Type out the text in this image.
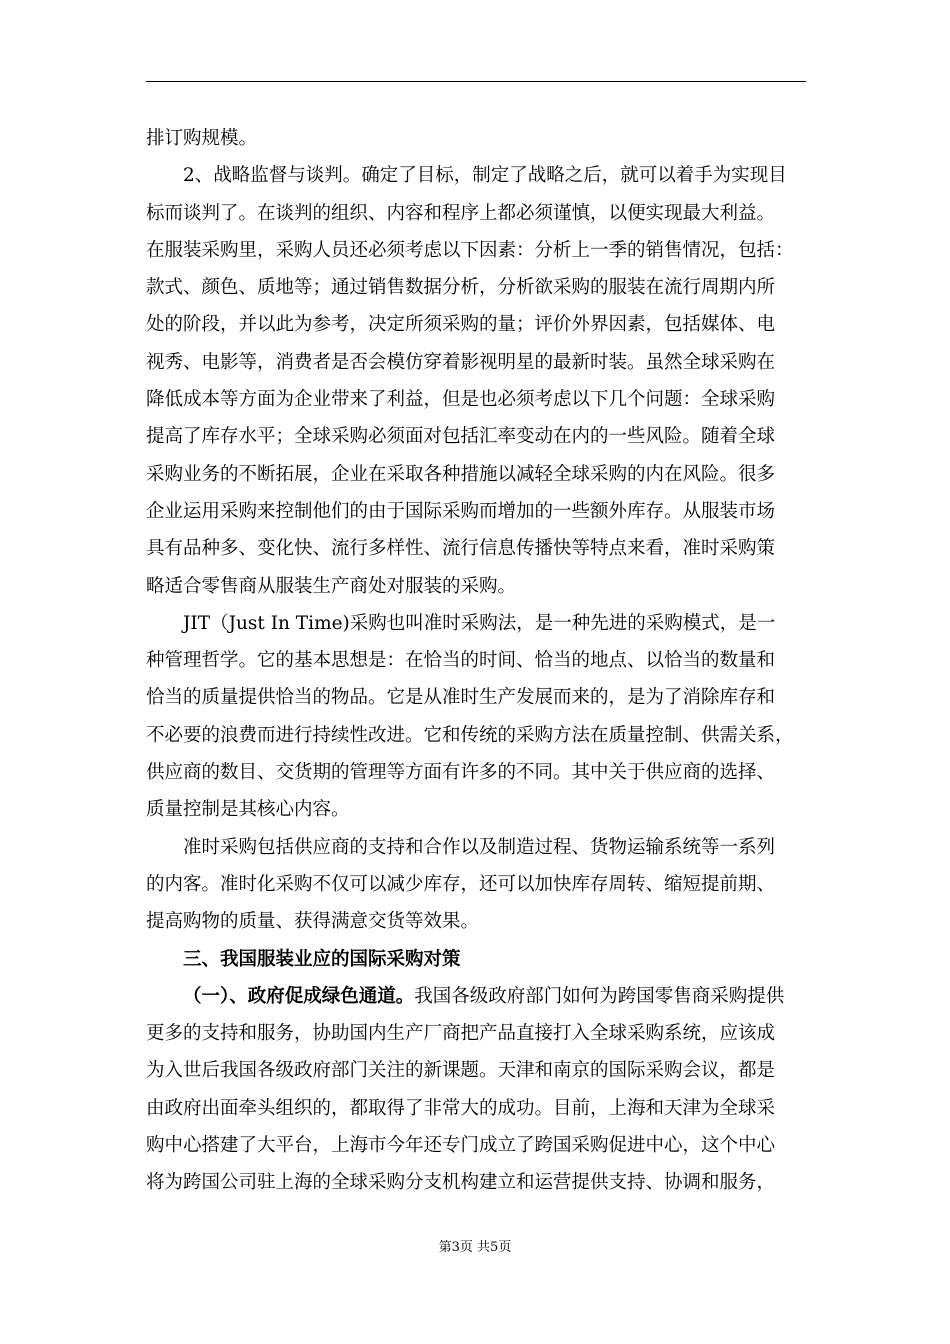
排订购规模。
2、战略监督与谈判。确定了目标，制定了战略之后，就可以着手为实现目
标而谈判了。在谈判的组织、内容和程序上都必须谨慎，以便实现最大利益。
在服装采购里，采购人员还必须考虑以下因素：分析上一季的销售情况，包括：
款式、颜色、质地等；通过销售数据分析，分析欲采购的服装在流行周期内所
处的阶段，并以此为参考，决定所须采购的量；评价外界因素，包括媒体、电
视秀、电影等，消费者是否会模仿穿着影视明星的最新时装。虽然全球采购在
降低成本等方面为企业带来了利益，但是也必须考虑以下几个问题：全球采购
提高了库存水平；全球采购必须面对包括汇率变动在内的一些风险。随着全球
采购业务的不断拓展，企业在采取各种措施以减轻全球采购的内在风险。很多
企业运用采购来控制他们的由于国际采购而增加的一些额外库存。从服装市场
具有品种多、变化快、流行多样性、流行信息传播快等特点来看，准时采购策
略适合零售商从服装生产商处对服装的采购。
JIT（Just In Time)采购也叫准时采购法，是一种先进的采购模式，是一
种管理哲学。它的基本思想是：在恰当的时间、恰当的地点、以恰当的数量和
恰当的质量提供恰当的物品。它是从准时生产发展而来的，是为了消除库存和
不必要的浪费而进行持续性改进。它和传统的采购方法在质量控制、供需关系，
供应商的数目、交货期的管理等方面有许多的不同。其中关于供应商的选择、
质量控制是其核心内容。
准时采购包括供应商的支持和合作以及制造过程、货物运输系统等一系列
的内客。准时化采购不仅可以减少库存，还可以加快库存周转、缩短提前期、
提高购物的质量、获得满意交货等效果。
三、我国服装业应的国际采购对策
（一）、政府促成绿色通道。我国各级政府部门如何为跨国零售商采购提供
更多的支持和服务，协助国内生产厂商把产品直接打入全球采购系统，应该成
为入世后我国各级政府部门关注的新课题。天津和南京的国际采购会议，都是
由政府出面牵头组织的，都取得了非常大的成功。目前，上海和天津为全球采
购中心搭建了大平台，上海市今年还专门成立了跨国采购促进中心，这个中心
将为跨国公司驻上海的全球采购分支机构建立和运营提供支持、协调和服务，
第3页 共5页
